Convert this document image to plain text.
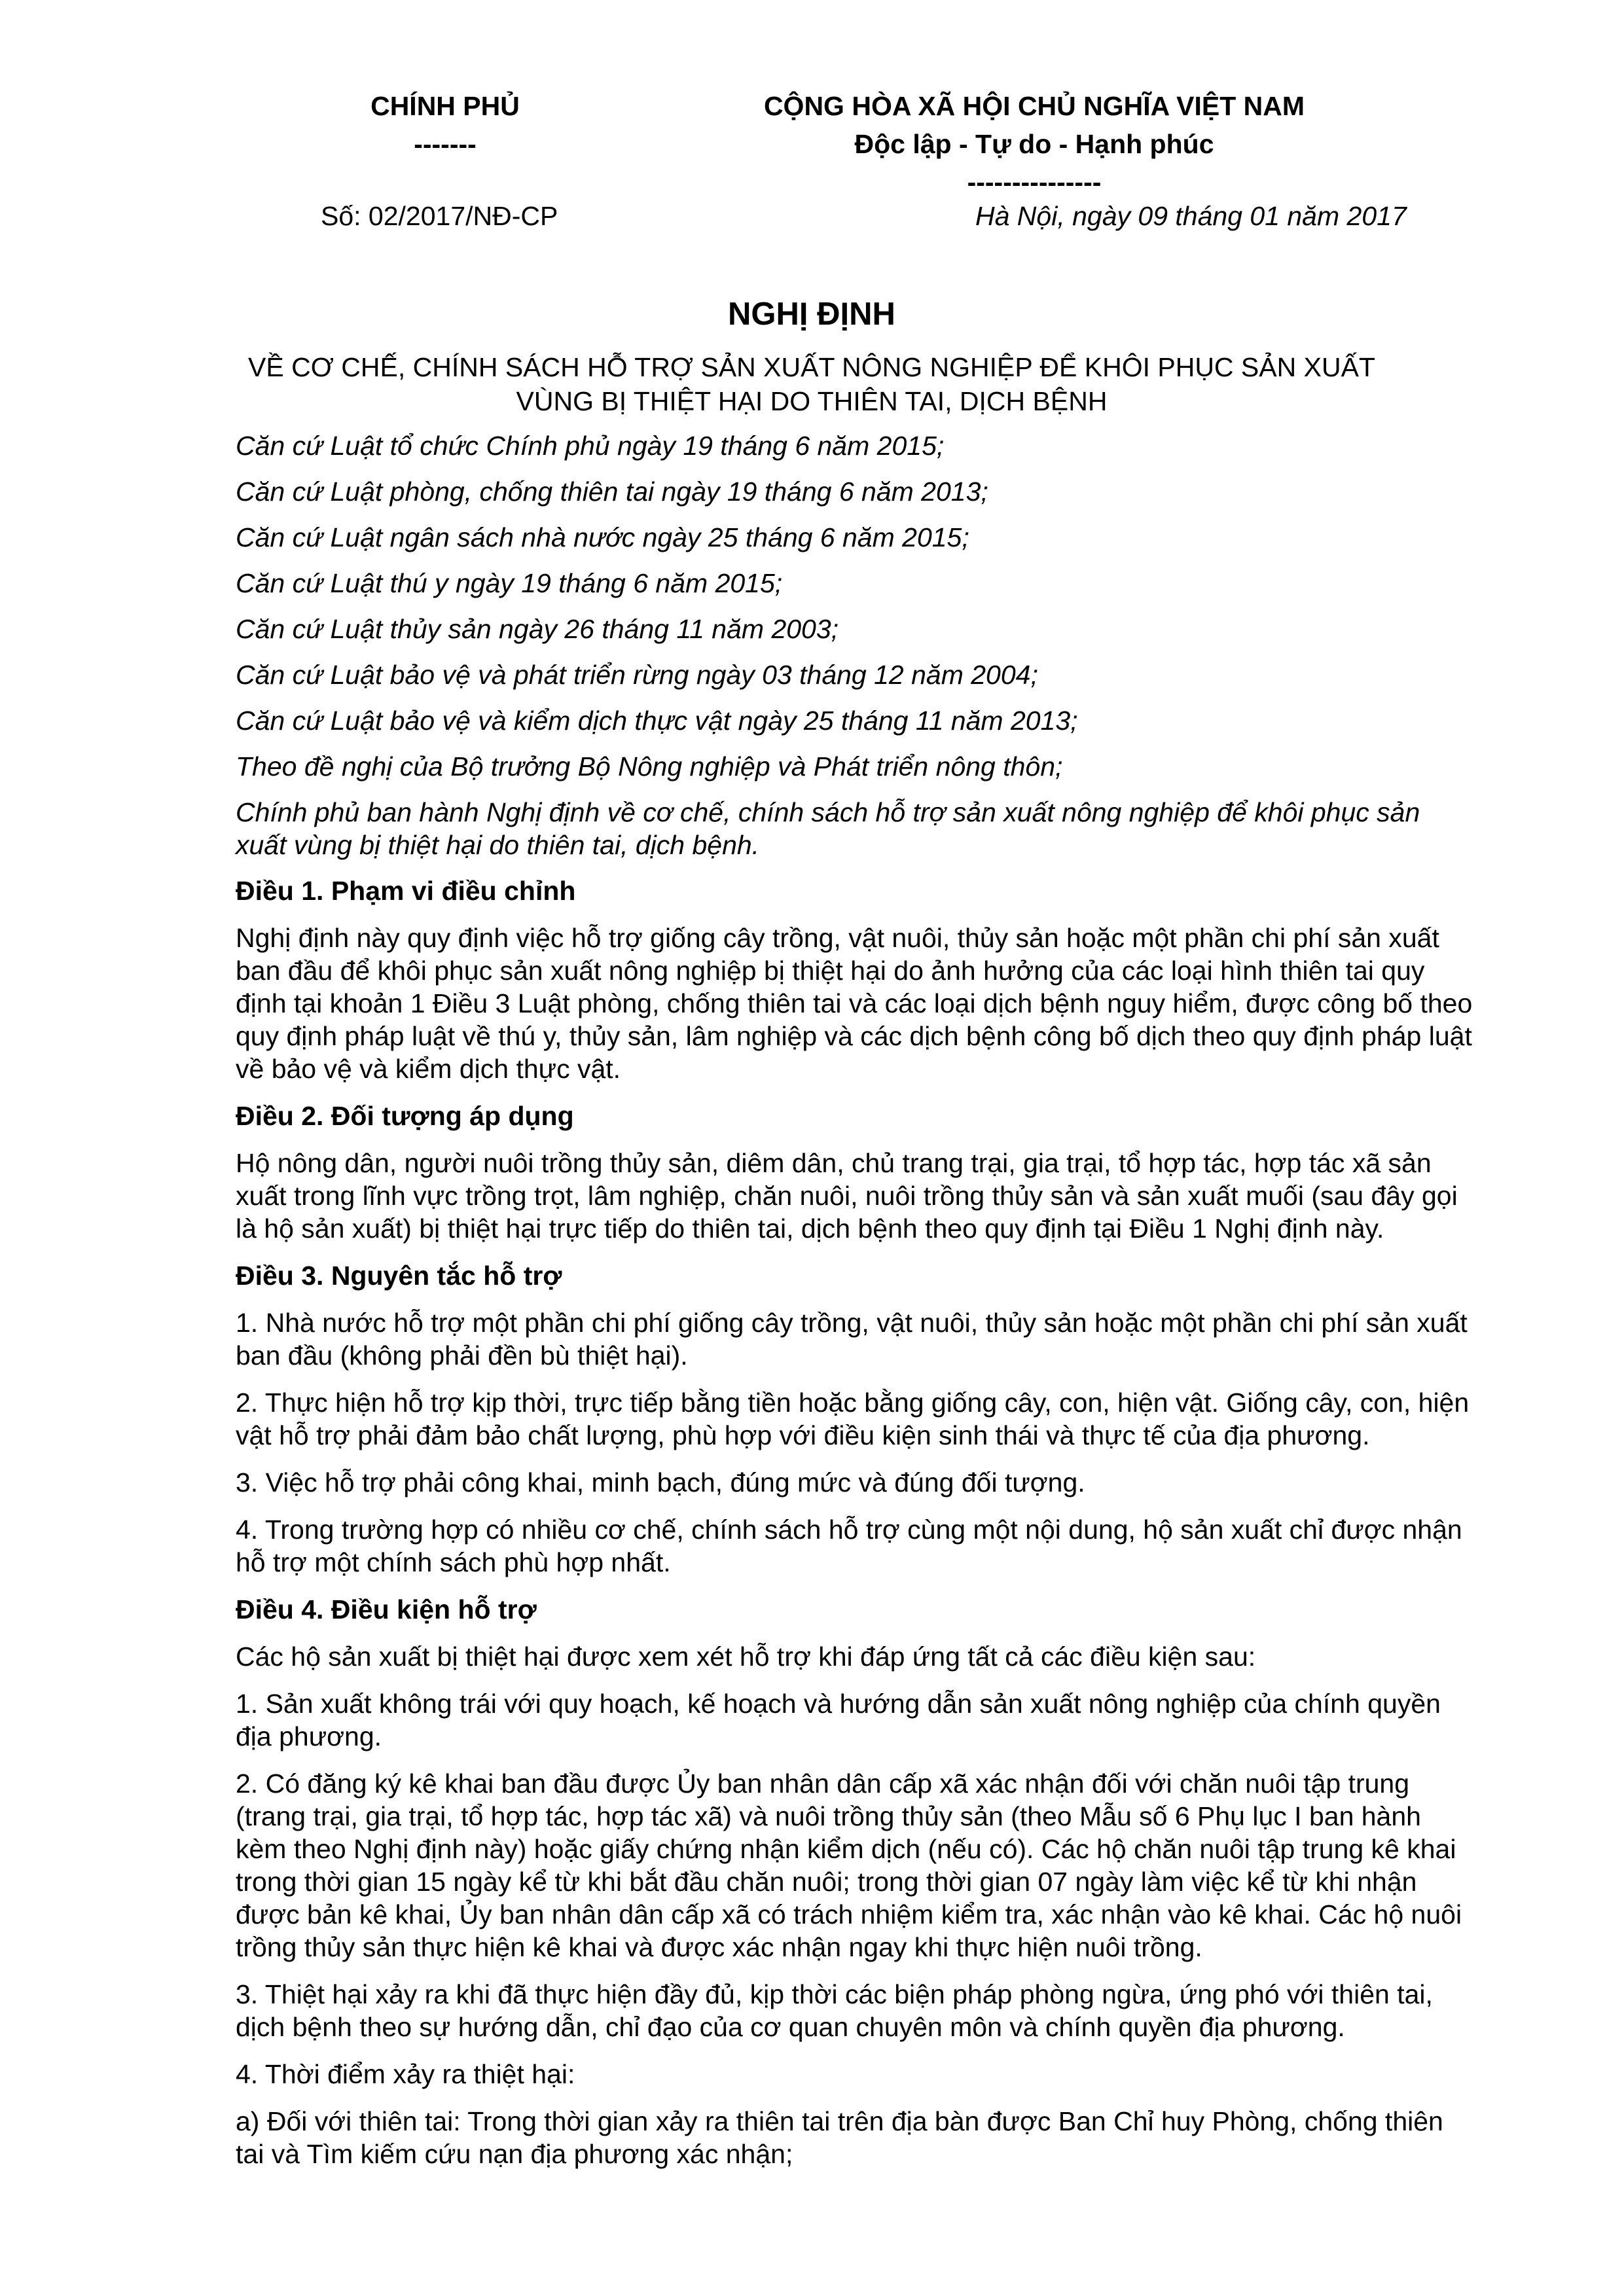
CHÍNH PHỦ
-------
CỘNG HÒA XÃ HỘI CHỦ NGHĨA VIỆT NAM
Độc lập - Tự do - Hạnh phúc
---------------
Số: 02/2017/NĐ-CP	Hà Nội, ngày 09 tháng 01 năm 2017
NGHỊ ĐỊNH
VỀ CƠ CHẾ, CHÍNH SÁCH HỖ TRỢ SẢN XUẤT NÔNG NGHIỆP ĐỂ KHÔI PHỤC SẢN XUẤT VÙNG BỊ THIỆT HẠI DO THIÊN TAI, DỊCH BỆNH

Căn cứ Luật tổ chức Chính phủ ngày 19 tháng 6 năm 2015;

Căn cứ Luật phòng, chống thiên tai ngày 19 tháng 6 năm 2013;

Căn cứ Luật ngân sách nhà nước ngày 25 tháng 6 năm 2015;

Căn cứ Luật thú y ngày 19 tháng 6 năm 2015;

Căn cứ Luật thủy sản ngày 26 tháng 11 năm 2003;

Căn cứ Luật bảo vệ và phát triển rừng ngày 03 tháng 12 năm 2004;

Căn cứ Luật bảo vệ và kiểm dịch thực vật ngày 25 tháng 11 năm 2013;

Theo đề nghị của Bộ trưởng Bộ Nông nghiệp và Phát triển nông thôn;

Chính phủ ban hành Nghị định về cơ chế, chính sách hỗ trợ sản xuất nông nghiệp để khôi phục sản xuất vùng bị thiệt hại do thiên tai, dịch bệnh.

Điều 1. Phạm vi điều chỉnh

Nghị định này quy định việc hỗ trợ giống cây trồng, vật nuôi, thủy sản hoặc một phần chi phí sản xuất ban đầu để khôi phục sản xuất nông nghiệp bị thiệt hại do ảnh hưởng của các loại hình thiên tai quy định tại khoản 1 Điều 3 Luật phòng, chống thiên tai và các loại dịch bệnh nguy hiểm, được công bố theo quy định pháp luật về thú y, thủy sản, lâm nghiệp và các dịch bệnh công bố dịch theo quy định pháp luật về bảo vệ và kiểm dịch thực vật.

Điều 2. Đối tượng áp dụng

Hộ nông dân, người nuôi trồng thủy sản, diêm dân, chủ trang trại, gia trại, tổ hợp tác, hợp tác xã sản xuất trong lĩnh vực trồng trọt, lâm nghiệp, chăn nuôi, nuôi trồng thủy sản và sản xuất muối (sau đây gọi là hộ sản xuất) bị thiệt hại trực tiếp do thiên tai, dịch bệnh theo quy định tại Điều 1 Nghị định này.

Điều 3. Nguyên tắc hỗ trợ

1. Nhà nước hỗ trợ một phần chi phí giống cây trồng, vật nuôi, thủy sản hoặc một phần chi phí sản xuất ban đầu (không phải đền bù thiệt hại).

2. Thực hiện hỗ trợ kịp thời, trực tiếp bằng tiền hoặc bằng giống cây, con, hiện vật. Giống cây, con, hiện vật hỗ trợ phải đảm bảo chất lượng, phù hợp với điều kiện sinh thái và thực tế của địa phương.

3. Việc hỗ trợ phải công khai, minh bạch, đúng mức và đúng đối tượng.

4. Trong trường hợp có nhiều cơ chế, chính sách hỗ trợ cùng một nội dung, hộ sản xuất chỉ được nhận hỗ trợ một chính sách phù hợp nhất.

Điều 4. Điều kiện hỗ trợ

Các hộ sản xuất bị thiệt hại được xem xét hỗ trợ khi đáp ứng tất cả các điều kiện sau:

1. Sản xuất không trái với quy hoạch, kế hoạch và hướng dẫn sản xuất nông nghiệp của chính quyền địa phương.

2. Có đăng ký kê khai ban đầu được Ủy ban nhân dân cấp xã xác nhận đối với chăn nuôi tập trung (trang trại, gia trại, tổ hợp tác, hợp tác xã) và nuôi trồng thủy sản (theo Mẫu số 6 Phụ lục I ban hành kèm theo Nghị định này) hoặc giấy chứng nhận kiểm dịch (nếu có). Các hộ chăn nuôi tập trung kê khai trong thời gian 15 ngày kể từ khi bắt đầu chăn nuôi; trong thời gian 07 ngày làm việc kể từ khi nhận được bản kê khai, Ủy ban nhân dân cấp xã có trách nhiệm kiểm tra, xác nhận vào kê khai. Các hộ nuôi trồng thủy sản thực hiện kê khai và được xác nhận ngay khi thực hiện nuôi trồng.

3. Thiệt hại xảy ra khi đã thực hiện đầy đủ, kịp thời các biện pháp phòng ngừa, ứng phó với thiên tai, dịch bệnh theo sự hướng dẫn, chỉ đạo của cơ quan chuyên môn và chính quyền địa phương.

4. Thời điểm xảy ra thiệt hại:

a) Đối với thiên tai: Trong thời gian xảy ra thiên tai trên địa bàn được Ban Chỉ huy Phòng, chống thiên tai và Tìm kiếm cứu nạn địa phương xác nhận;
